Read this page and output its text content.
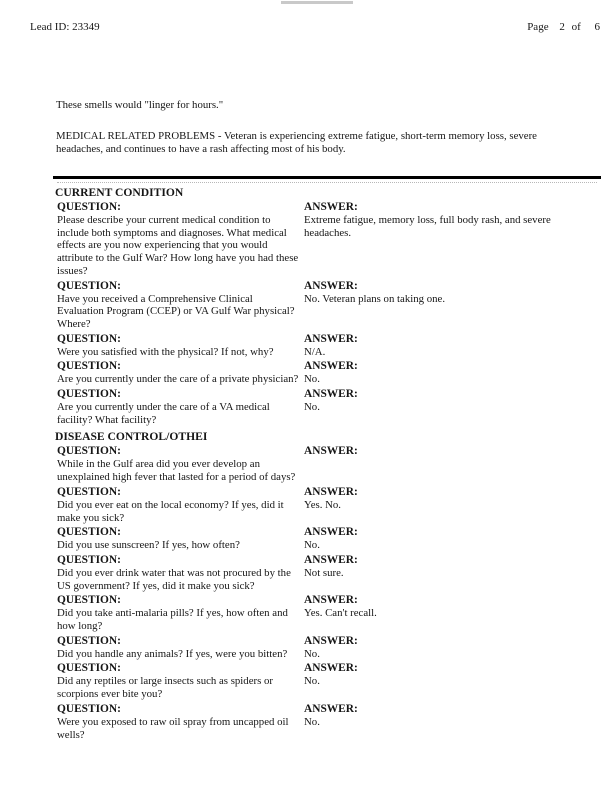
Lead ID: 23349	Page 2 of 6

These smells would "linger for hours."

MEDICAL RELATED PROBLEMS - Veteran is experiencing extreme fatigue, short-term memory loss, severe headaches, and continues to have a rash affecting most of his body.

CURRENT CONDITION
QUESTION:
Please describe your current medical condition to include both symptoms and diagnoses. What medical effects are you now experiencing that you would attribute to the Gulf War? How long have you had these issues?
ANSWER:
Extreme fatigue, memory loss, full body rash, and severe headaches.
QUESTION:
Have you received a Comprehensive Clinical Evaluation Program (CCEP) or VA Gulf War physical? Where?
ANSWER:
No. Veteran plans on taking one.
QUESTION:
Were you satisfied with the physical? If not, why?
ANSWER:
N/A.
QUESTION:
Are you currently under the care of a private physician?
ANSWER:
No.
QUESTION:
Are you currently under the care of a VA medical facility? What facility?
ANSWER:
No.
DISEASE CONTROL/OTHEI
QUESTION:
While in the Gulf area did you ever develop an unexplained high fever that lasted for a period of days?
ANSWER:
QUESTION:
Did you ever eat on the local economy? If yes, did it make you sick?
ANSWER:
Yes. No.
QUESTION:
Did you use sunscreen? If yes, how often?
ANSWER:
No.
QUESTION:
Did you ever drink water that was not procured by the US government? If yes, did it make you sick?
ANSWER:
Not sure.
QUESTION:
Did you take anti-malaria pills? If yes, how often and how long?
ANSWER:
Yes. Can't recall.
QUESTION:
Did you handle any animals? If yes, were you bitten?
ANSWER:
No.
QUESTION:
Did any reptiles or large insects such as spiders or scorpions ever bite you?
ANSWER:
No.
QUESTION:
Were you exposed to raw oil spray from uncapped oil wells?
ANSWER:
No.
